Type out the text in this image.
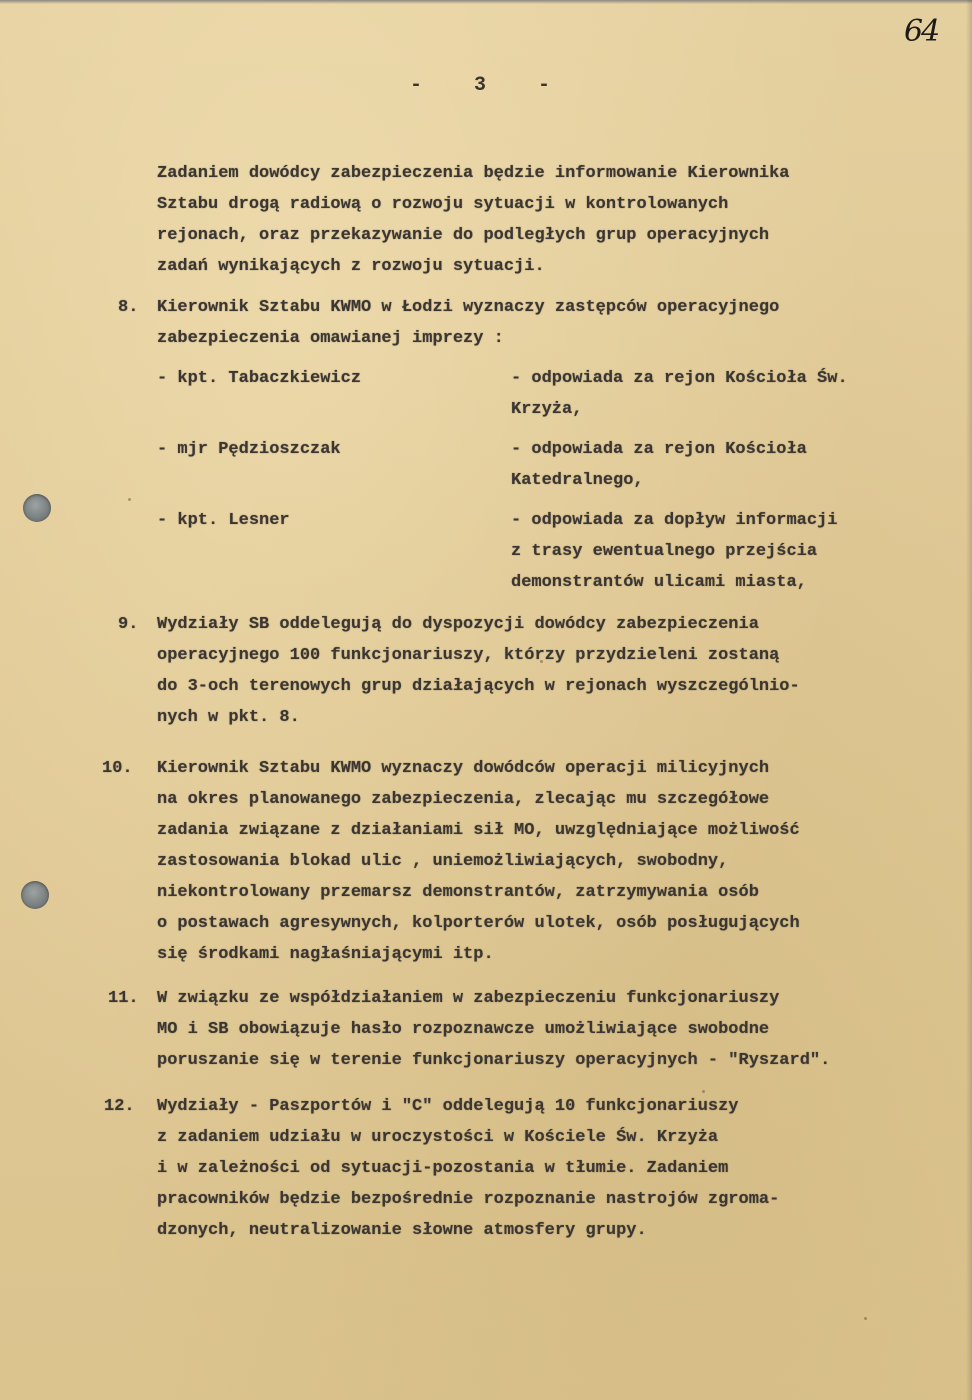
64
- 3 -
Zadaniem dowódcy zabezpieczenia będzie informowanie Kierownika
Sztabu drogą radiową o rozwoju sytuacji w kontrolowanych
rejonach, oraz przekazywanie do podległych grup operacyjnych
zadań wynikających z rozwoju sytuacji.
8. Kierownik Sztabu KWMO w Łodzi wyznaczy zastępców operacyjnego
zabezpieczenia omawianej imprezy :
- kpt. Tabaczkiewicz	- odpowiada za rejon Kościoła Św.
Krzyża,
- mjr Pędzioszczak	- odpowiada za rejon Kościoła
Katedralnego,
- kpt. Lesner	- odpowiada za dopływ informacji
z trasy ewentualnego przejścia
demonstrantów ulicami miasta,
9. Wydziały SB oddelegują do dyspozycji dowódcy zabezpieczenia
operacyjnego 100 funkcjonariuszy, którzy przydzieleni zostaną
do 3-och terenowych grup działających w rejonach wyszczególnio-
nych w pkt. 8.
10. Kierownik Sztabu KWMO wyznaczy dowódców operacji milicyjnych
na okres planowanego zabezpieczenia, zlecając mu szczegółowe
zadania związane z działaniami sił MO, uwzględniające możliwość
zastosowania blokad ulic , uniemożliwiających, swobodny,
niekontrolowany przemarsz demonstrantów, zatrzymywania osób
o postawach agresywnych, kolporterów ulotek, osób posługujących
się środkami nagłaśniającymi itp.
11. W związku ze współdziałaniem w zabezpieczeniu funkcjonariuszy
MO i SB obowiązuje hasło rozpoznawcze umożliwiające swobodne
poruszanie się w terenie funkcjonariuszy operacyjnych - "Ryszard".
12. Wydziały - Paszportów i "C" oddelegują 10 funkcjonariuszy
z zadaniem udziału w uroczystości w Kościele Św. Krzyża
i w zależności od sytuacji-pozostania w tłumie. Zadaniem
pracowników będzie bezpośrednie rozpoznanie nastrojów zgroma-
dzonych, neutralizowanie słowne atmosfery grupy.
